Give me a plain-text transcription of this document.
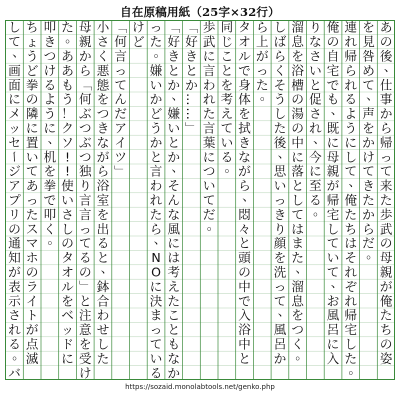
自在原稿用紙（25字×32行）
あ
の
後
、
仕
事
か
ら
帰
っ
て
来
た
歩
武
の
母
親
が
俺
た
ち
の
姿
を
見
咎
め
て
、
声
を
か
け
て
き
た
か
ら
だ
。
連
れ
帰
ら
れ
る
よ
う
に
し
て
、
俺
た
ち
は
そ
れ
ぞ
れ
帰
宅
し
た
。
俺
の
自
宅
で
も
、
既
に
母
親
が
帰
宅
し
て
い
て
、
お
風
呂
に
入
り
な
さ
い
と
促
さ
れ
、
今
に
至
る
。
溜
息
を
浴
槽
の
湯
の
中
に
落
と
し
て
は
ま
た
、
溜
息
を
つ
く
。
し
ば
ら
く
そ
う
し
た
後
、
思
い
っ
き
り
顔
を
洗
っ
て
、
風
呂
か
ら
上
が
っ
た
。
タ
オ
ル
で
身
体
を
拭
き
な
が
ら
、
悶
々
と
頭
の
中
で
入
浴
中
と
同
じ
こ
と
を
考
え
て
い
る
。
歩
武
に
言
わ
れ
た
言
葉
に
つ
い
て
だ
。
「
好
き
と
か
…
…
」
「
好
き
と
か
、
嫌
い
と
か
、
そ
ん
な
風
に
は
考
え
た
こ
と
も
な
か
っ
た
。
嫌
い
か
ど
う
か
と
言
わ
れ
た
ら
、
N
O
に
決
ま
っ
て
い
る
け
ど
「
何
言
っ
て
ん
だ
ア
イ
ツ
」
小
さ
く
悪
態
を
つ
き
な
が
ら
浴
室
を
出
る
と
、
鉢
合
わ
せ
し
た
母
親
か
ら
「
何
ぶ
つ
ぶ
つ
独
り
言
言
っ
て
る
の
」
と
注
意
を
受
け
た
。
あ
あ
も
う
！
ク
ソ
!
!
使
い
さ
し
の
タ
オ
ル
を
ベ
ッ
ド
に
叩
き
つ
け
る
よ
う
に
、
机
を
拳
で
叩
く
。
ち
ょ
う
ど
拳
の
隣
に
置
い
て
あ
っ
た
ス
マ
ホ
の
ラ
イ
ト
が
点
滅
し
て
、
画
面
に
メ
ッ
セ
ー
ジ
ア
プ
リ
の
通
知
が
表
示
さ
れ
る
。
バ
https://sozaid.monolabtools.net/genko.php
